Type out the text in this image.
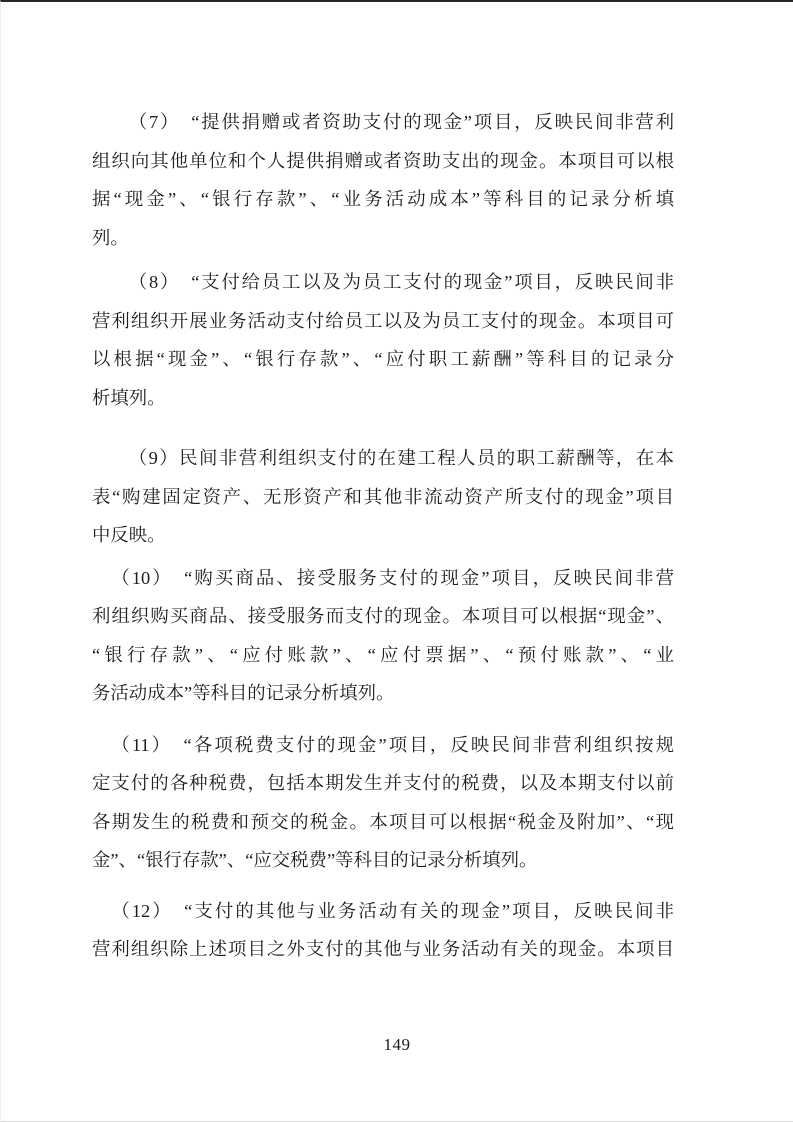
（7）　“提供捐赠或者资助支付的现金”项目，反映民间非营利
组织向其他单位和个人提供捐赠或者资助支出的现金。本项目可以根
据“现金”、“银行存款”、“业务活动成本”等科目的记录分析填
列。
（8）　“支付给员工以及为员工支付的现金”项目，反映民间非
营利组织开展业务活动支付给员工以及为员工支付的现金。本项目可
以根据“现金”、“银行存款”、“应付职工薪酬”等科目的记录分
析填列。
（9）民间非营利组织支付的在建工程人员的职工薪酬等，在本
表“购建固定资产、无形资产和其他非流动资产所支付的现金”项目
中反映。
（10）　“购买商品、接受服务支付的现金”项目，反映民间非营
利组织购买商品、接受服务而支付的现金。本项目可以根据“现金”、
“银行存款”、“应付账款”、“应付票据”、“预付账款”、“业
务活动成本”等科目的记录分析填列。
（11）　“各项税费支付的现金”项目，反映民间非营利组织按规
定支付的各种税费，包括本期发生并支付的税费，以及本期支付以前
各期发生的税费和预交的税金。本项目可以根据“税金及附加”、“现
金”、“银行存款”、“应交税费”等科目的记录分析填列。
（12）　“支付的其他与业务活动有关的现金”项目，反映民间非
营利组织除上述项目之外支付的其他与业务活动有关的现金。本项目
149
